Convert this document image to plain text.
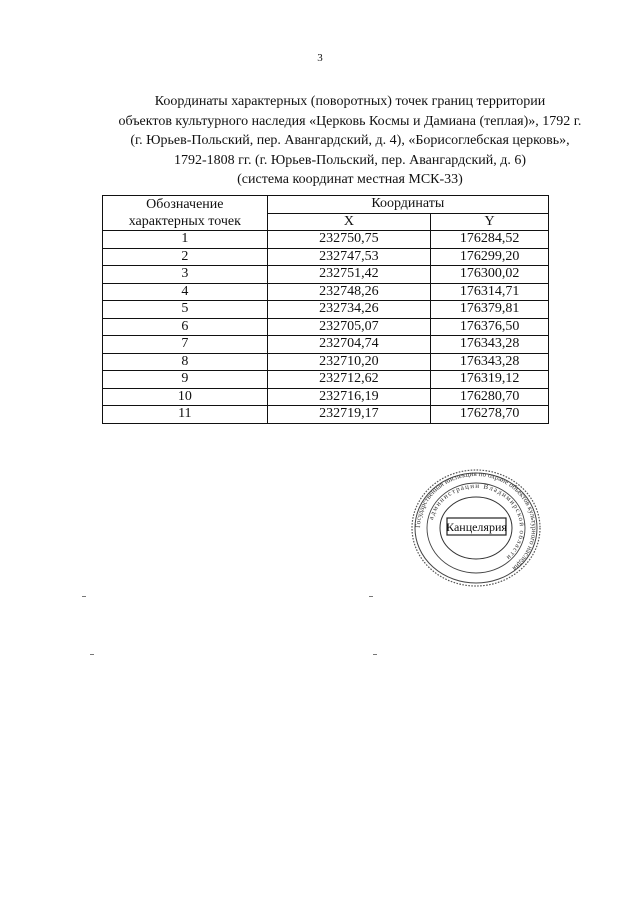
3
Координаты характерных (поворотных) точек границ территории
объектов культурного наследия «Церковь Космы и Дамиана (теплая)», 1792 г.
(г. Юрьев-Польский, пер. Авангардский, д. 4), «Борисоглебская церковь»,
1792-1808 гг. (г. Юрьев-Польский, пер. Авангардский, д. 6)
(система координат местная МСК-33)
Обозначение
характерных точек	Координаты	
	X	Y
1	232750,75	176284,52
2	232747,53	176299,20
3	232751,42	176300,02
4	232748,26	176314,71
5	232734,26	176379,81
6	232705,07	176376,50
7	232704,74	176343,28
8	232710,20	176343,28
9	232712,62	176319,12
10	232716,19	176280,70
11	232719,17	176278,70
Государственная инспекция по охране объектов культурного наследия
администрации Владимирской области
Канцелярия
